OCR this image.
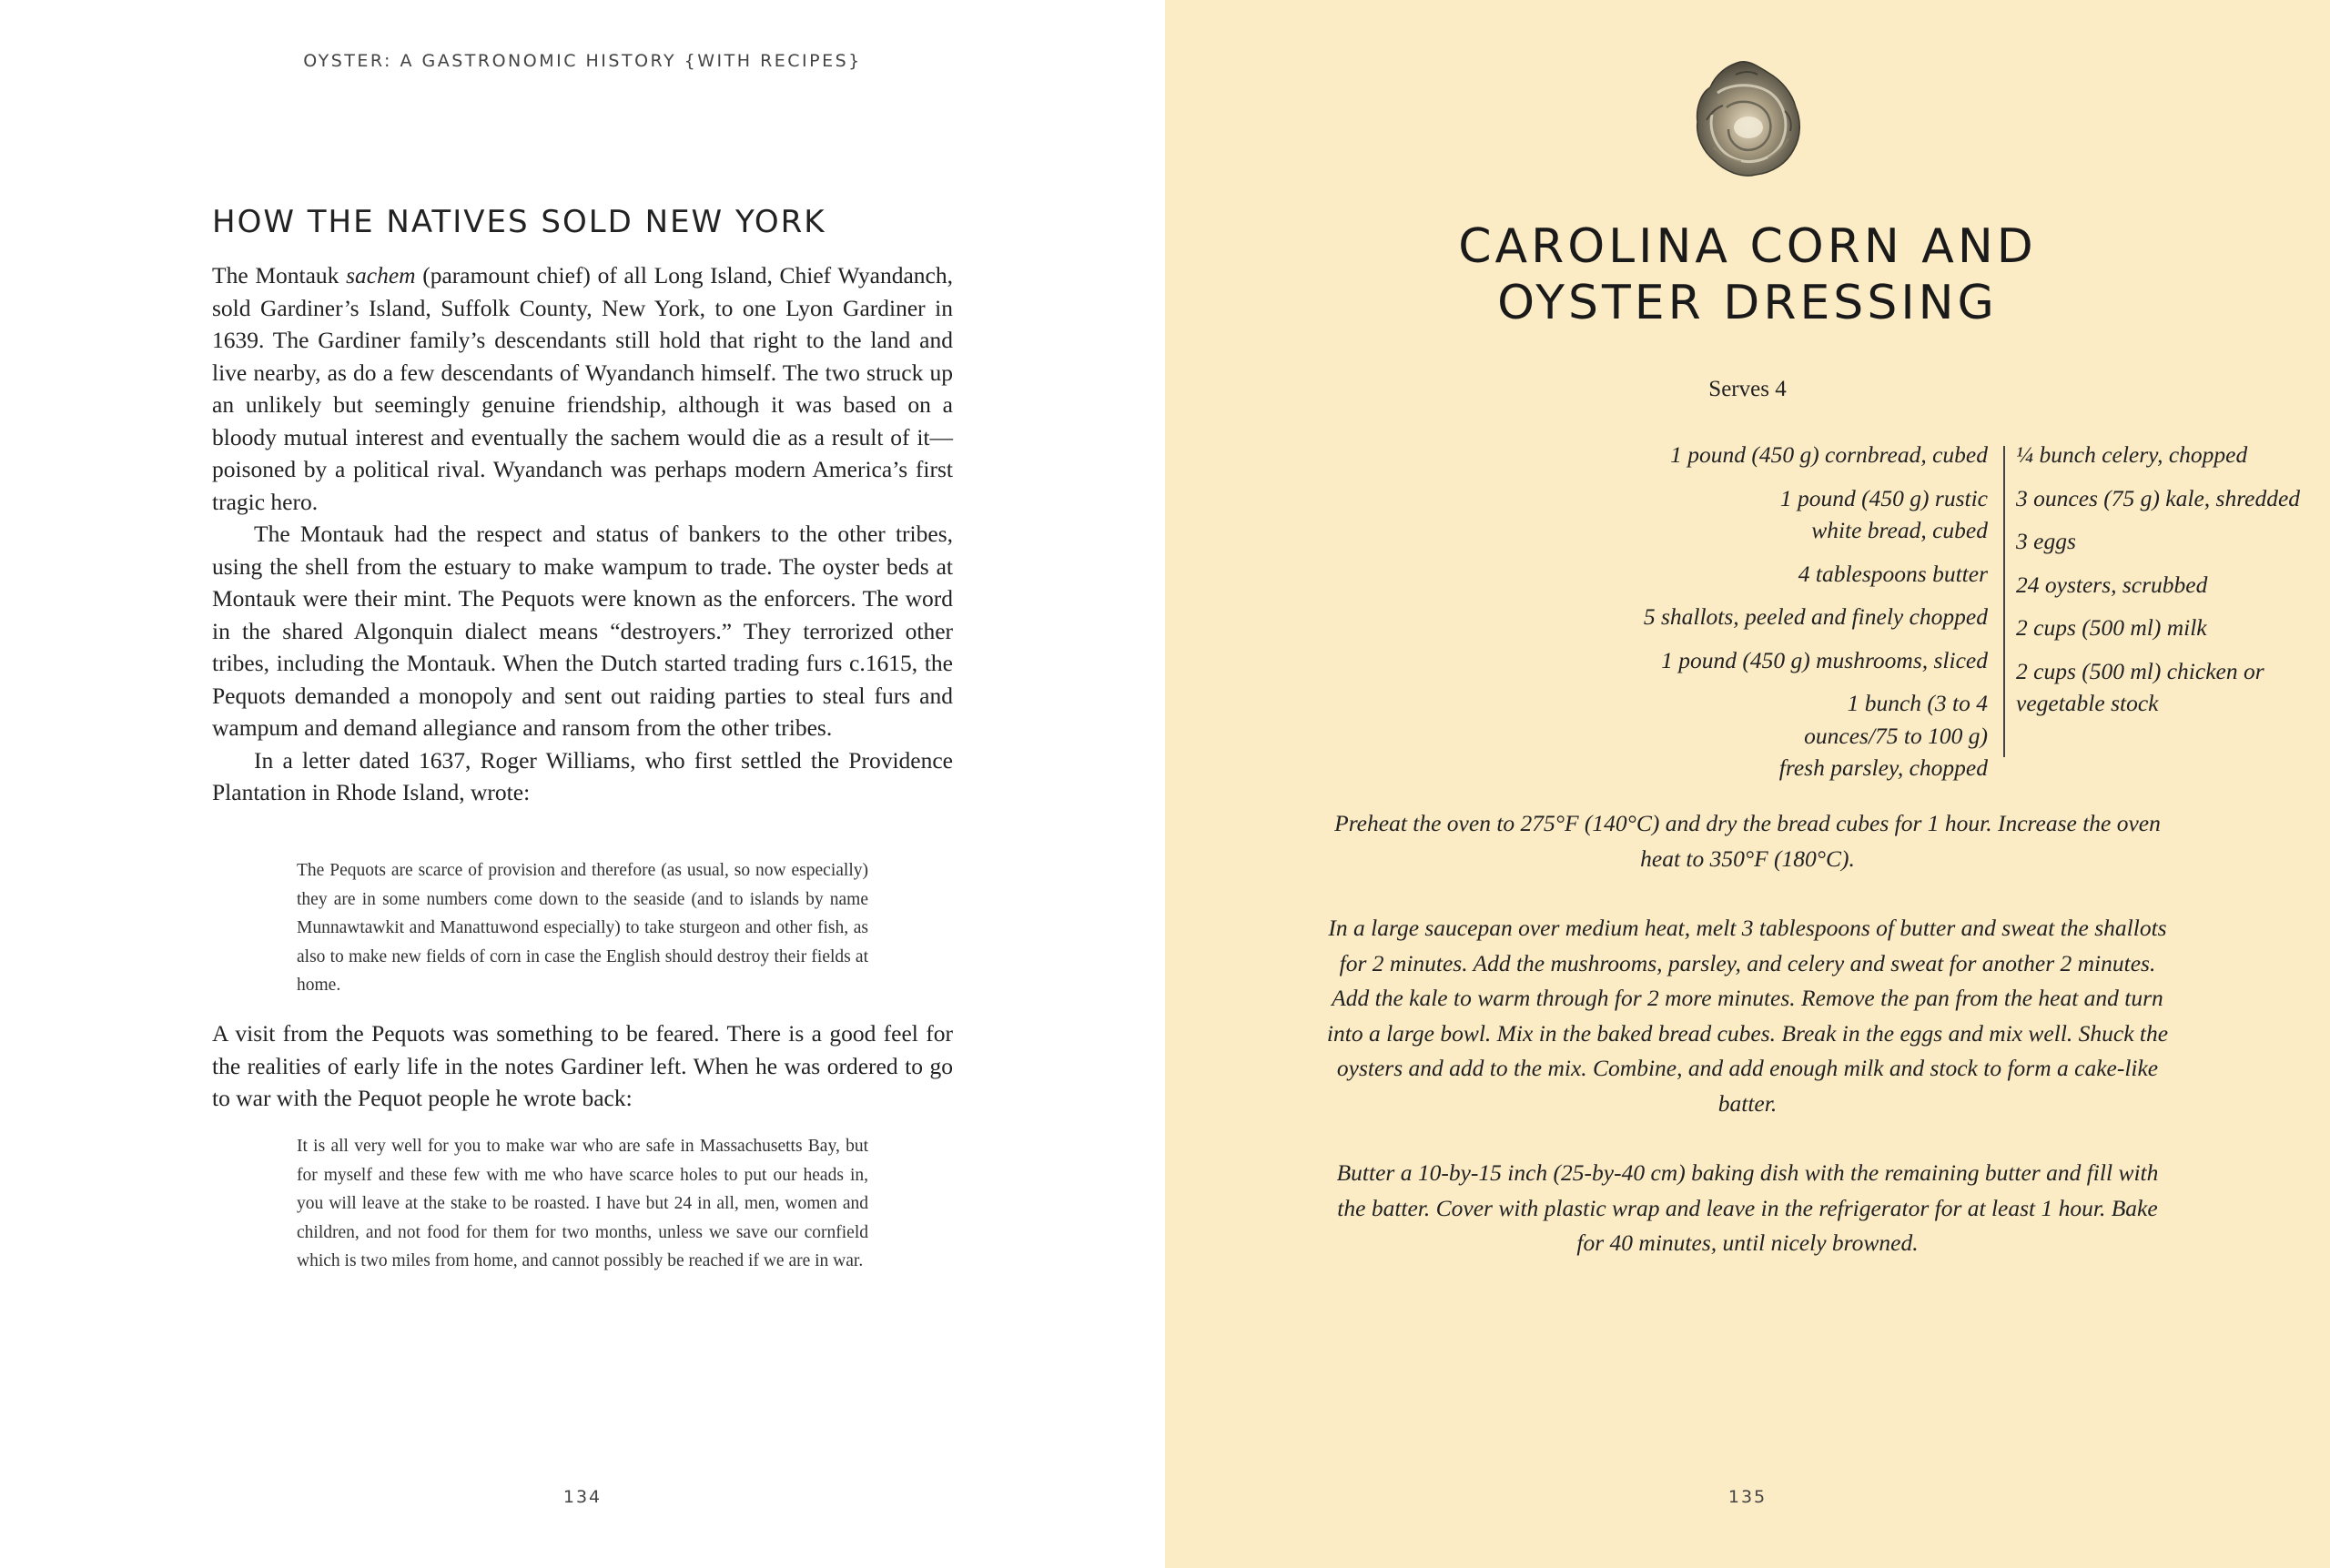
OYSTER: A GASTRONOMIC HISTORY {WITH RECIPES}
HOW THE NATIVES SOLD NEW YORK

The Montauk sachem (paramount chief) of all Long Island, Chief Wyandanch, sold Gardiner’s Island, Suffolk County, New York, to one Lyon Gardiner in 1639. The Gardiner family’s descendants still hold that right to the land and live nearby, as do a few descendants of Wyandanch himself. The two struck up an unlikely but seemingly genuine friendship, although it was based on a bloody mutual interest and eventually the sachem would die as a result of it—poisoned by a political rival. Wyandanch was perhaps modern America’s first tragic hero.

The Montauk had the respect and status of bankers to the other tribes, using the shell from the estuary to make wampum to trade. The oyster beds at Montauk were their mint. The Pequots were known as the enforcers. The word in the shared Algonquin dialect means “destroyers.” They terrorized other tribes, including the Montauk. When the Dutch started trading furs c.1615, the Pequots demanded a monopoly and sent out raiding parties to steal furs and wampum and demand allegiance and ransom from the other tribes.

In a letter dated 1637, Roger Williams, who first settled the Providence Plantation in Rhode Island, wrote:

The Pequots are scarce of provision and therefore (as usual, so now especially) they are in some numbers come down to the seaside (and to islands by name Munnawtawkit and Manattuwond especially) to take sturgeon and other fish, as also to make new fields of corn in case the English should destroy their fields at home.

A visit from the Pequots was something to be feared. There is a good feel for the realities of early life in the notes Gardiner left. When he was ordered to go to war with the Pequot people he wrote back:

It is all very well for you to make war who are safe in Massachusetts Bay, but for myself and these few with me who have scarce holes to put our heads in, you will leave at the stake to be roasted. I have but 24 in all, men, women and children, and not food for them for two months, unless we save our cornfield which is two miles from home, and cannot possibly be reached if we are in war.

134
CAROLINA CORN AND
OYSTER DRESSING
Serves 4
1 pound (450 g) cornbread, cubed
1 pound (450 g) rustic white bread, cubed
4 tablespoons butter
5 shallots, peeled and finely chopped
1 pound (450 g) mushrooms, sliced
1 bunch (3 to 4 ounces/75 to 100 g) fresh parsley, chopped
¼ bunch celery, chopped
3 ounces (75 g) kale, shredded
3 eggs
24 oysters, scrubbed
2 cups (500 ml) milk
2 cups (500 ml) chicken or vegetable stock

Preheat the oven to 275°F (140°C) and dry the bread cubes for 1 hour. Increase the oven heat to 350°F (180°C).

In a large saucepan over medium heat, melt 3 tablespoons of butter and sweat the shallots for 2 minutes. Add the mushrooms, parsley, and celery and sweat for another 2 minutes. Add the kale to warm through for 2 more minutes. Remove the pan from the heat and turn into a large bowl. Mix in the baked bread cubes. Break in the eggs and mix well. Shuck the oysters and add to the mix. Combine, and add enough milk and stock to form a cake-like batter.

Butter a 10-by-15 inch (25-by-40 cm) baking dish with the remaining butter and fill with the batter. Cover with plastic wrap and leave in the refrigerator for at least 1 hour. Bake for 40 minutes, until nicely browned.

135
